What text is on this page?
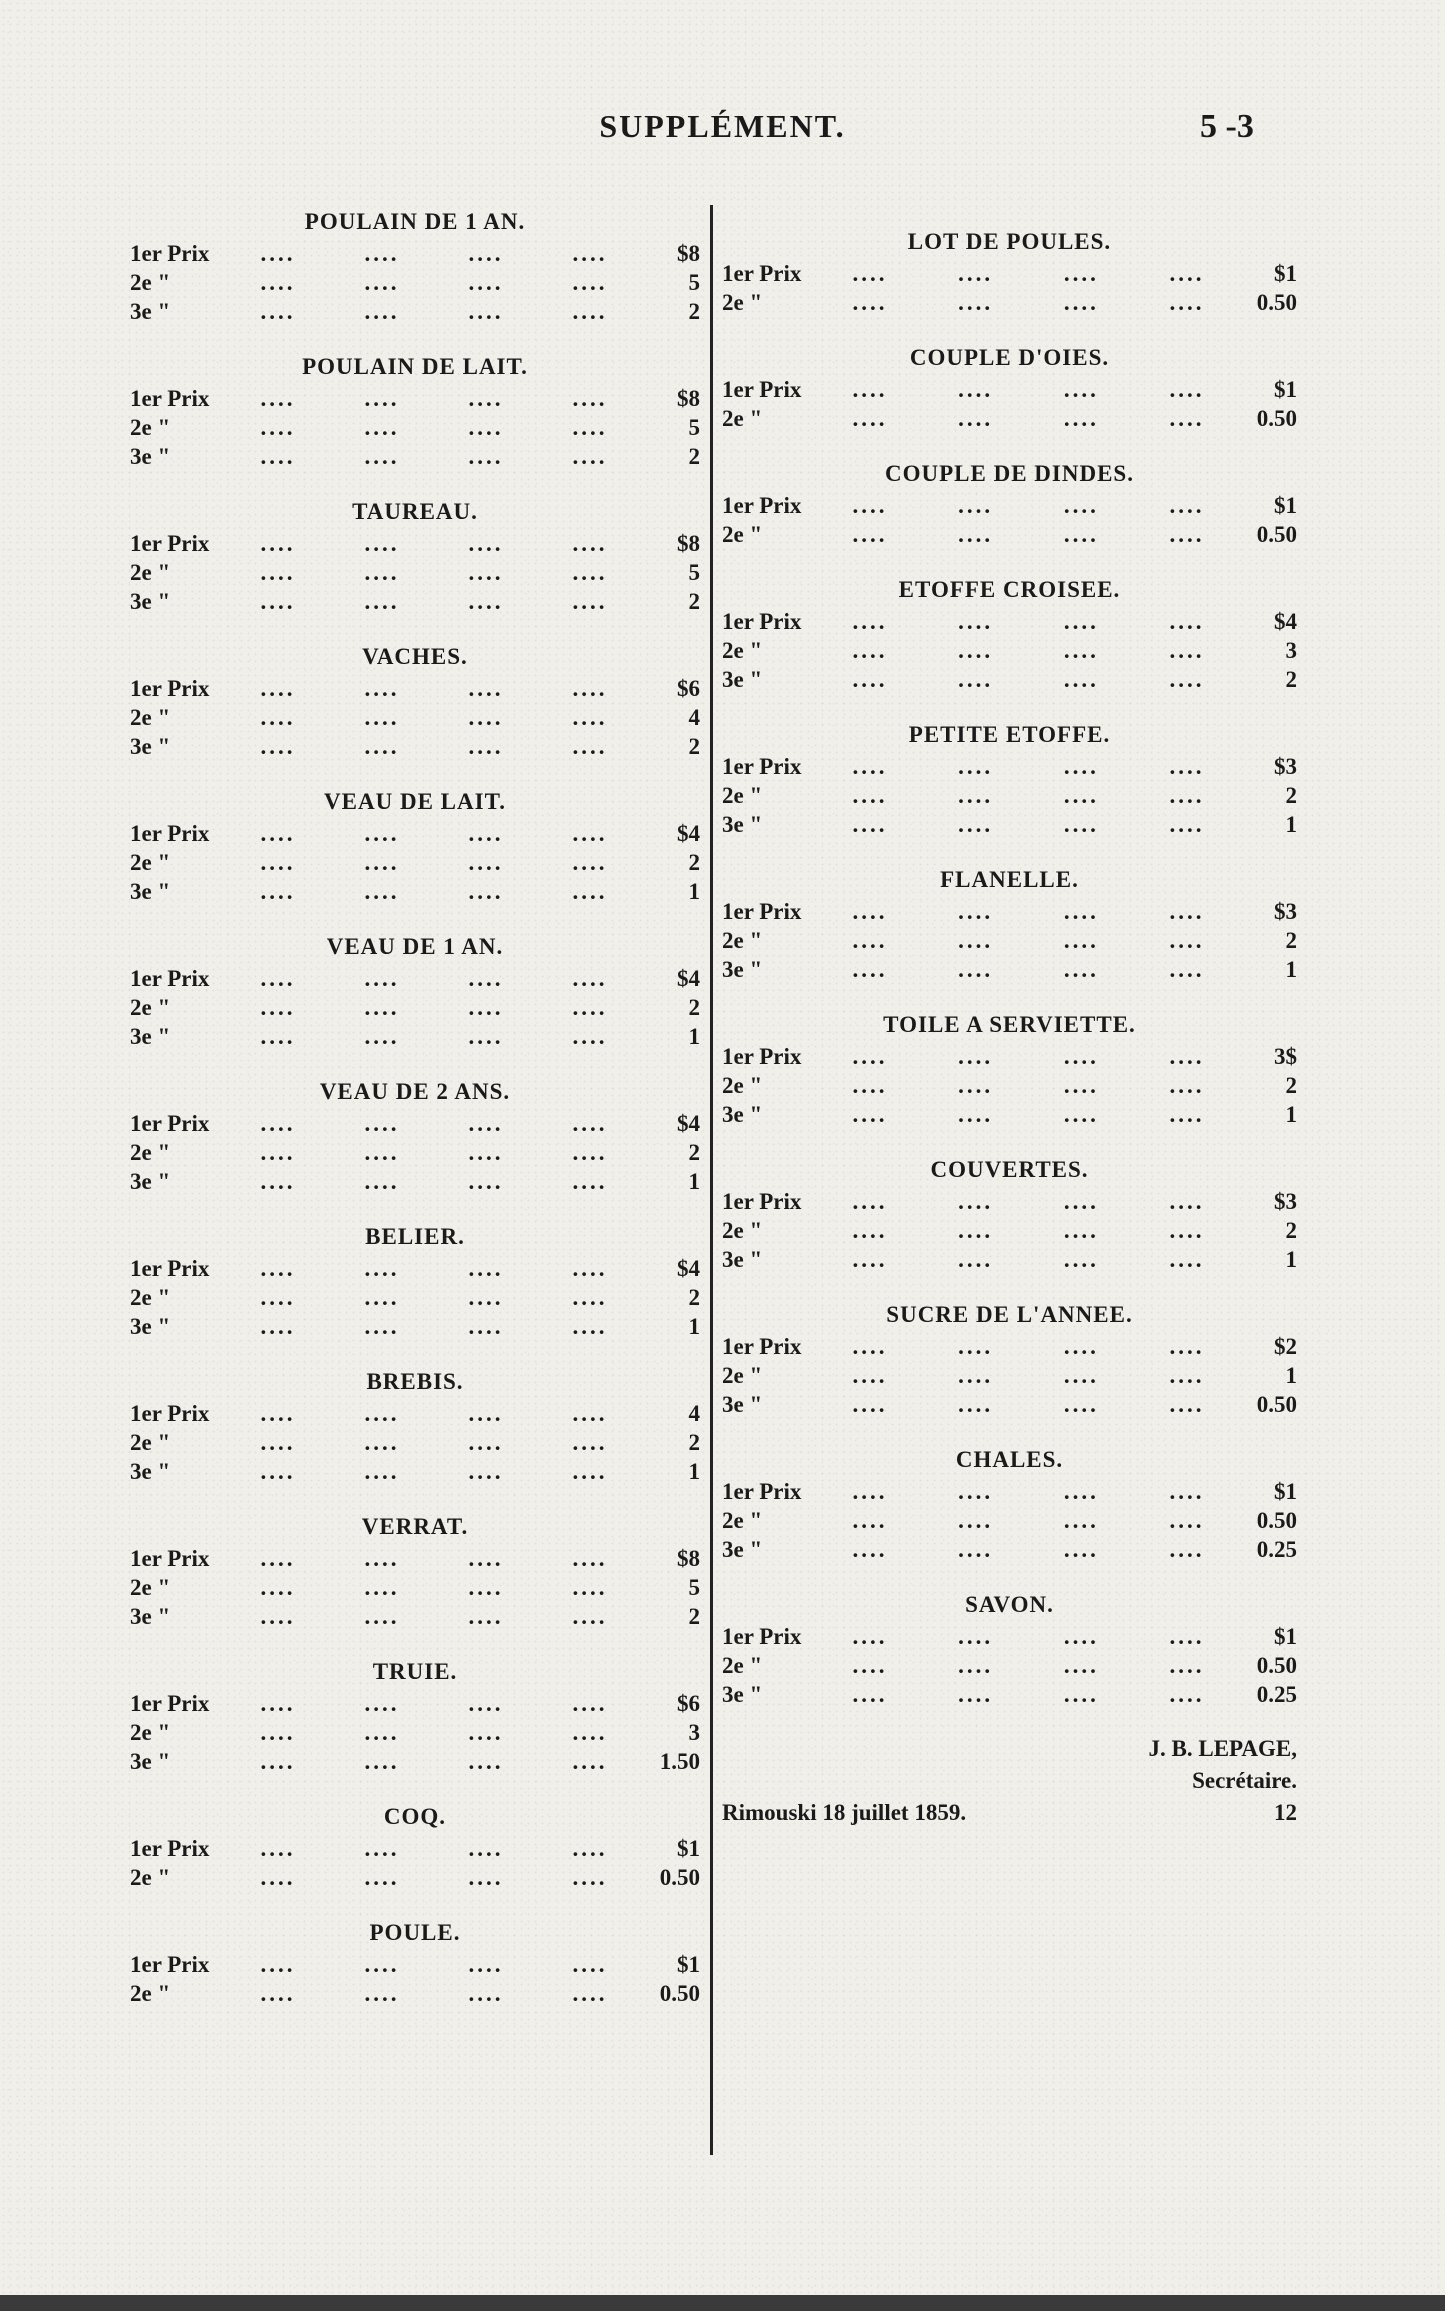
SUPPLÉMENT.	5 -3
POULAIN DE 1 AN.
1er Prix	....	....	....	....	$8
2e "	....	....	....	....	5
3e "	....	....	....	....	2
POULAIN DE LAIT.
1er Prix	....	....	....	....	$8
2e "	....	....	....	....	5
3e "	....	....	....	....	2
TAUREAU.
1er Prix	....	....	....	....	$8
2e "	....	....	....	....	5
3e "	....	....	....	....	2
VACHES.
1er Prix	....	....	....	....	$6
2e "	....	....	....	....	4
3e "	....	....	....	....	2
VEAU DE LAIT.
1er Prix	....	....	....	....	$4
2e "	....	....	....	....	2
3e "	....	....	....	....	1
VEAU DE 1 AN.
1er Prix	....	....	....	....	$4
2e "	....	....	....	....	2
3e "	....	....	....	....	1
VEAU DE 2 ANS.
1er Prix	....	....	....	....	$4
2e "	....	....	....	....	2
3e "	....	....	....	....	1
BELIER.
1er Prix	....	....	....	....	$4
2e "	....	....	....	....	2
3e "	....	....	....	....	1
BREBIS.
1er Prix	....	....	....	....	4
2e "	....	....	....	....	2
3e "	....	....	....	....	1
VERRAT.
1er Prix	....	....	....	....	$8
2e "	....	....	....	....	5
3e "	....	....	....	....	2
TRUIE.
1er Prix	....	....	....	....	$6
2e "	....	....	....	....	3
3e "	....	....	....	....	1.50
COQ.
1er Prix	....	....	....	....	$1
2e "	....	....	....	....	0.50
POULE.
1er Prix	....	....	....	....	$1
2e "	....	....	....	....	0.50
LOT DE POULES.
1er Prix	....	....	....	....	$1
2e "	....	....	....	....	0.50
COUPLE D'OIES.
1er Prix	....	....	....	....	$1
2e "	....	....	....	....	0.50
COUPLE DE DINDES.
1er Prix	....	....	....	....	$1
2e "	....	....	....	....	0.50
ETOFFE CROISEE.
1er Prix	....	....	....	....	$4
2e "	....	....	....	....	3
3e "	....	....	....	....	2
PETITE ETOFFE.
1er Prix	....	....	....	....	$3
2e "	....	....	....	....	2
3e "	....	....	....	....	1
FLANELLE.
1er Prix	....	....	....	....	$3
2e "	....	....	....	....	2
3e "	....	....	....	....	1
TOILE A SERVIETTE.
1er Prix	....	....	....	....	3$
2e "	....	....	....	....	2
3e "	....	....	....	....	1
COUVERTES.
1er Prix	....	....	....	....	$3
2e "	....	....	....	....	2
3e "	....	....	....	....	1
SUCRE DE L'ANNEE.
1er Prix	....	....	....	....	$2
2e "	....	....	....	....	1
3e "	....	....	....	....	0.50
CHALES.
1er Prix	....	....	....	....	$1
2e "	....	....	....	....	0.50
3e "	....	....	....	....	0.25
SAVON.
1er Prix	....	....	....	....	$1
2e "	....	....	....	....	0.50
3e "	....	....	....	....	0.25
J. B. LEPAGE,
Secrétaire.
Rimouski 18 juillet 1859.	12
